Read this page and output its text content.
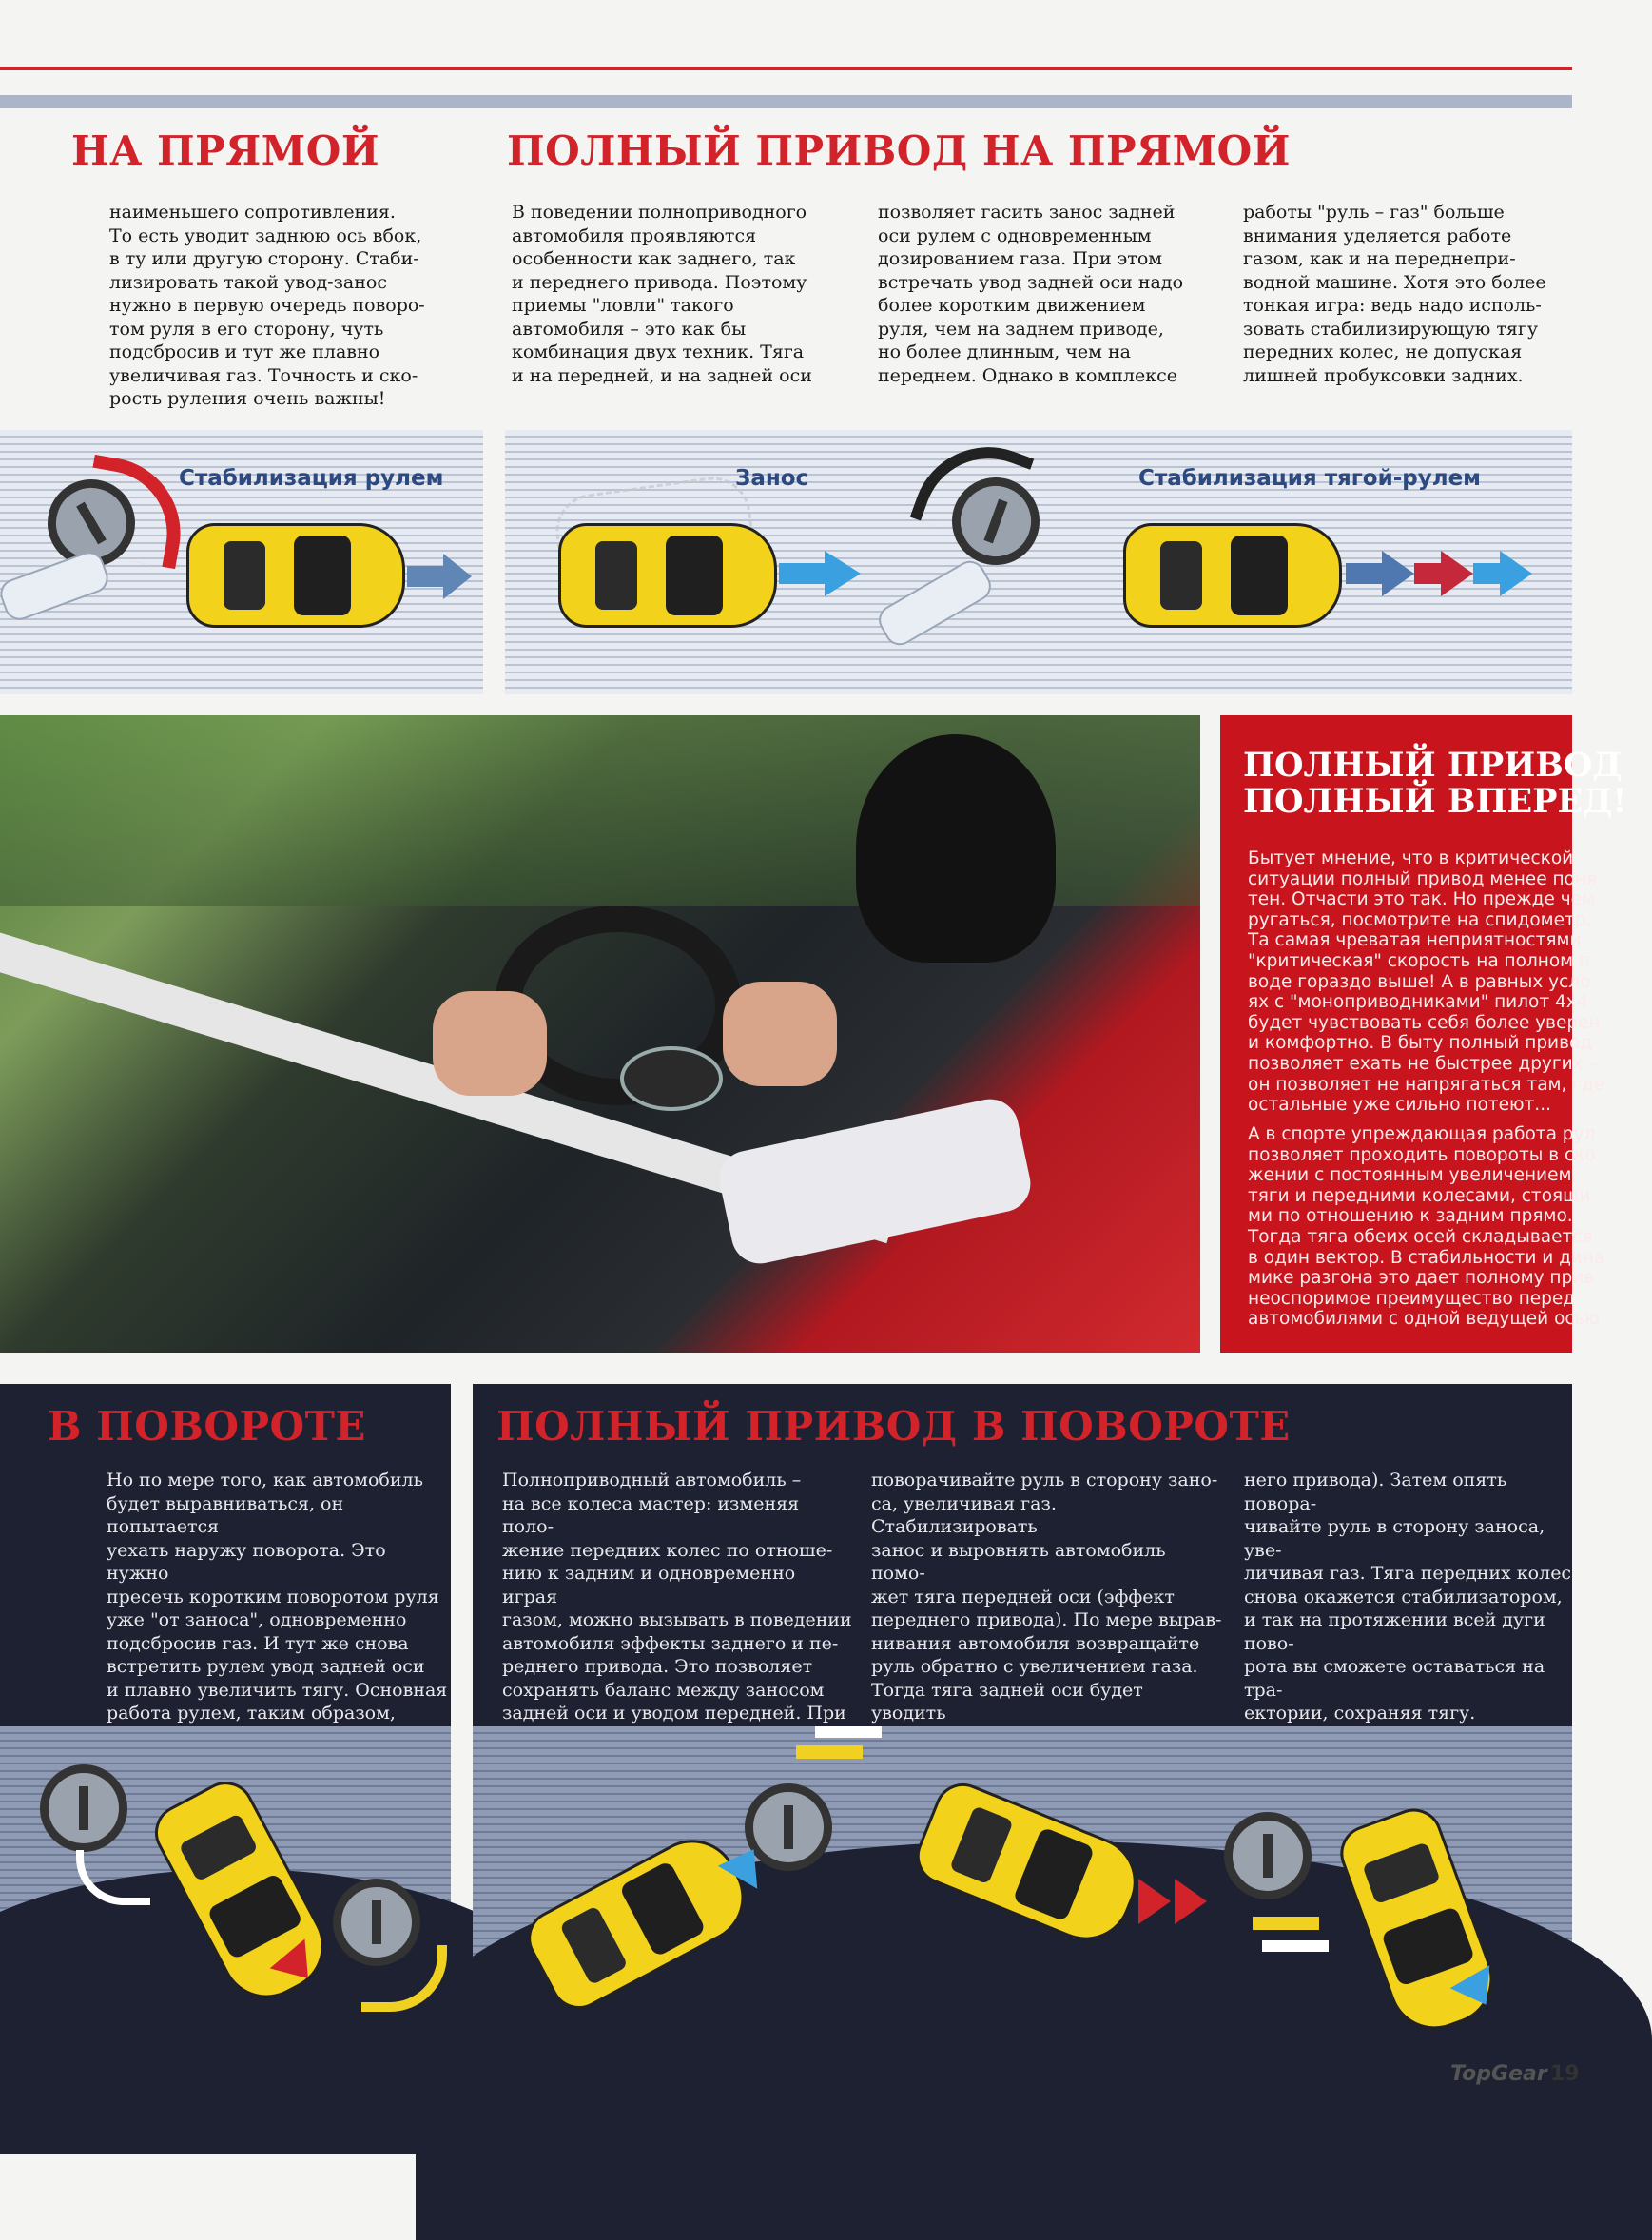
НА ПРЯМОЙ	ПОЛНЫЙ ПРИВОД НА ПРЯМОЙ

наименьшего сопротивления.

То есть уводит заднюю ось вбок,

в ту или другую сторону. Стаби-

лизировать такой увод-занос

нужно в первую очередь поворо-

том руля в его сторону, чуть

подсбросив и тут же плавно

увеличивая газ. Точность и ско-

рость руления очень важны!

В поведении полноприводного

автомобиля проявляются

особенности как заднего, так

и переднего привода. Поэтому

приемы "ловли" такого

автомобиля – это как бы

комбинация двух техник. Тяга

и на передней, и на задней оси

позволяет гасить занос задней

оси рулем с одновременным

дозированием газа. При этом

встречать увод задней оси надо

более коротким движением

руля, чем на заднем приводе,

но более длинным, чем на

переднем. Однако в комплексе

работы "руль – газ" больше

внимания уделяется работе

газом, как и на переднепри-

водной машине. Хотя это более

тонкая игра: ведь надо исполь-

зовать стабилизирующую тягу

передних колес, не допуская

лишней пробуксовки задних.

Стабилизация рулем	Занос	Стабилизация тягой-рулем
ПОЛНЫЙ ПРИВОД
ПОЛНЫЙ ВПЕРЕД!

Бытует мнение, что в критической

ситуации полный привод менее поня

тен. Отчасти это так. Но прежде чем

ругаться, посмотрите на спидометр.

Та самая чреватая неприятностями

"критическая" скорость на полном п

воде гораздо выше! А в равных усло

ях с "моноприводниками" пилот 4x4

будет чувствовать себя более уверен

и комфортно. В быту полный привод

позволяет ехать не быстрее других –

он позволяет не напрягаться там, где

остальные уже сильно потеют...

А в спорте упреждающая работа рул

позволяет проходить повороты в ско

жении с постоянным увеличением

тяги и передними колесами, стоящи

ми по отношению к задним прямо.

Тогда тяга обеих осей складывается

в один вектор. В стабильности и дина

мике разгона это дает полному прив

неоспоримое преимущество перед

автомобилями с одной ведущей осью

В ПОВОРОТЕ	ПОЛНЫЙ ПРИВОД В ПОВОРОТЕ

Но по мере того, как автомобиль

будет выравниваться, он попытается

уехать наружу поворота. Это нужно

пресечь коротким поворотом руля

уже "от заноса", одновременно

подсбросив газ. И тут же снова

встретить рулем увод задней оси

и плавно увеличить тягу. Основная

работа рулем, таким образом,

Полноприводный автомобиль –

на все колеса мастер: изменяя поло-

жение передних колес по отноше-

нию к задним и одновременно играя

газом, можно вызывать в поведении

автомобиля эффекты заднего и пе-

реднего привода. Это позволяет

сохранять баланс между заносом

задней оси и уводом передней. При

поворачивайте руль в сторону зано-

са, увеличивая газ. Стабилизировать

занос и выровнять автомобиль помо-

жет тяга передней оси (эффект

переднего привода). По мере вырав-

нивания автомобиля возвращайте

руль обратно с увеличением газа.

Тогда тяга задней оси будет уводить

него привода). Затем опять повора-

чивайте руль в сторону заноса, уве-

личивая газ. Тяга передних колес

снова окажется стабилизатором,

и так на протяжении всей дуги пово-

рота вы сможете оставаться на тра-

ектории, сохраняя тягу.

TopGear 19
